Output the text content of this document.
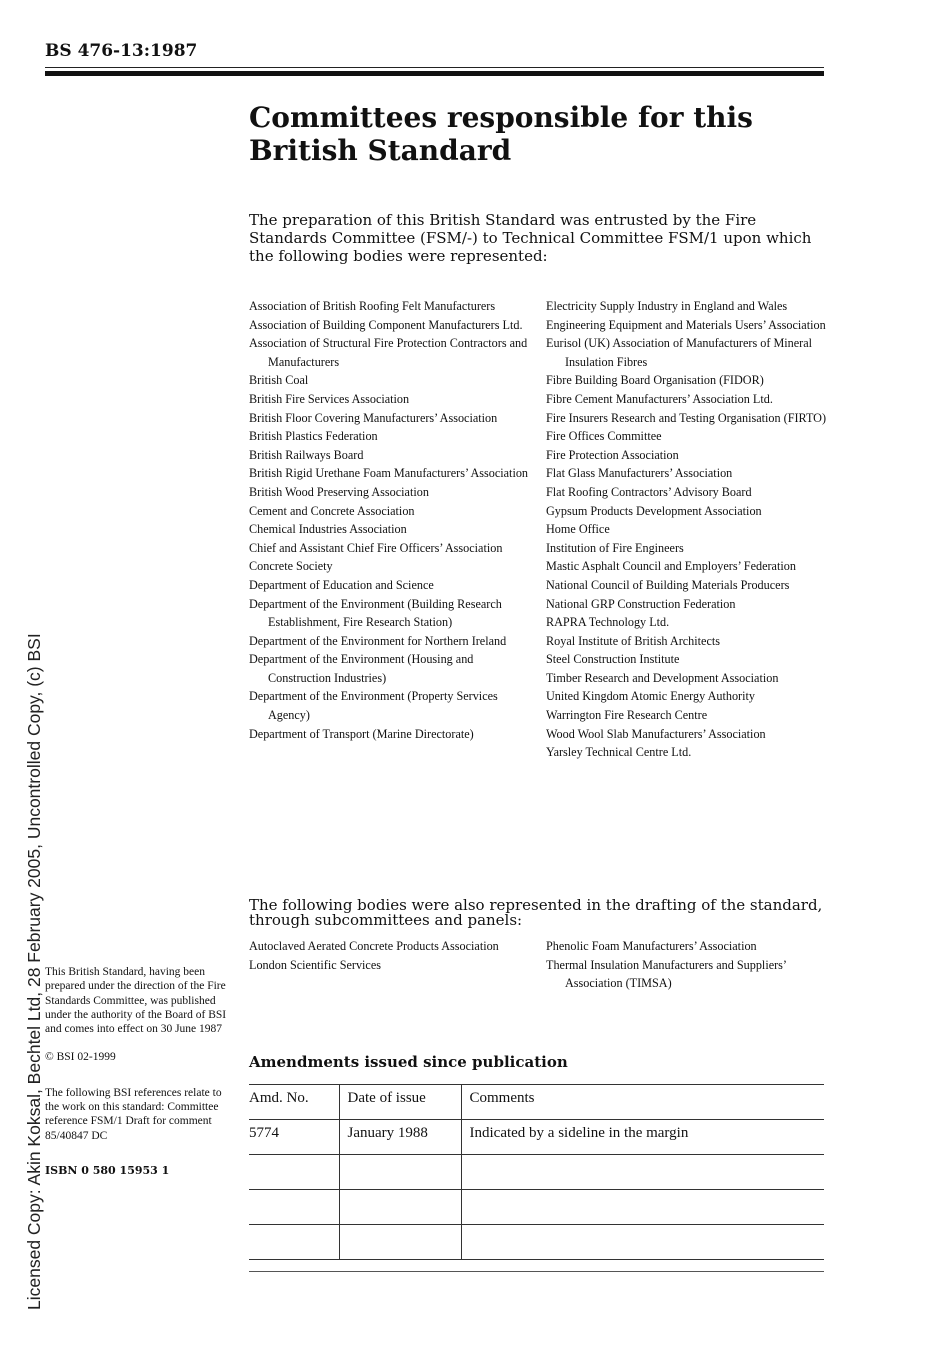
BS 476-13:1987
Committees responsible for this British Standard

The preparation of this British Standard was entrusted by the Fire Standards Committee (FSM/-) to Technical Committee FSM/1 upon which the following bodies were represented:

Association of British Roofing Felt Manufacturers
Association of Building Component Manufacturers Ltd.
Association of Structural Fire Protection Contractors and Manufacturers
British Coal
British Fire Services Association
British Floor Covering Manufacturers’ Association
British Plastics Federation
British Railways Board
British Rigid Urethane Foam Manufacturers’ Association
British Wood Preserving Association
Cement and Concrete Association
Chemical Industries Association
Chief and Assistant Chief Fire Officers’ Association
Concrete Society
Department of Education and Science
Department of the Environment (Building Research Establishment, Fire Research Station)
Department of the Environment for Northern Ireland
Department of the Environment (Housing and Construction Industries)
Department of the Environment (Property Services Agency)
Department of Transport (Marine Directorate)
Electricity Supply Industry in England and Wales
Engineering Equipment and Materials Users’ Association
Eurisol (UK) Association of Manufacturers of Mineral Insulation Fibres
Fibre Building Board Organisation (FIDOR)
Fibre Cement Manufacturers’ Association Ltd.
Fire Insurers Research and Testing Organisation (FIRTO)
Fire Offices Committee
Fire Protection Association
Flat Glass Manufacturers’ Association
Flat Roofing Contractors’ Advisory Board
Gypsum Products Development Association
Home Office
Institution of Fire Engineers
Mastic Asphalt Council and Employers’ Federation
National Council of Building Materials Producers
National GRP Construction Federation
RAPRA Technology Ltd.
Royal Institute of British Architects
Steel Construction Institute
Timber Research and Development Association
United Kingdom Atomic Energy Authority
Warrington Fire Research Centre
Wood Wool Slab Manufacturers’ Association
Yarsley Technical Centre Ltd.

The following bodies were also represented in the drafting of the standard, through subcommittees and panels:

Autoclaved Aerated Concrete Products Association
London Scientific Services
Phenolic Foam Manufacturers’ Association
Thermal Insulation Manufacturers and Suppliers’ Association (TIMSA)

This British Standard, having been prepared under the direction of the Fire Standards Committee, was published under the authority of the Board of BSI and comes into effect on 30 June 1987

© BSI 02-1999

The following BSI references relate to the work on this standard: Committee reference FSM/1 Draft for comment 85/40847 DC

ISBN 0 580 15953 1

Amendments issued since publication
Amd. No.	Date of issue	Comments
5774	January 1988	Indicated by a sideline in the margin

Licensed Copy: Akin Koksal, Bechtel Ltd, 28 February 2005, Uncontrolled Copy, (c) BSI
